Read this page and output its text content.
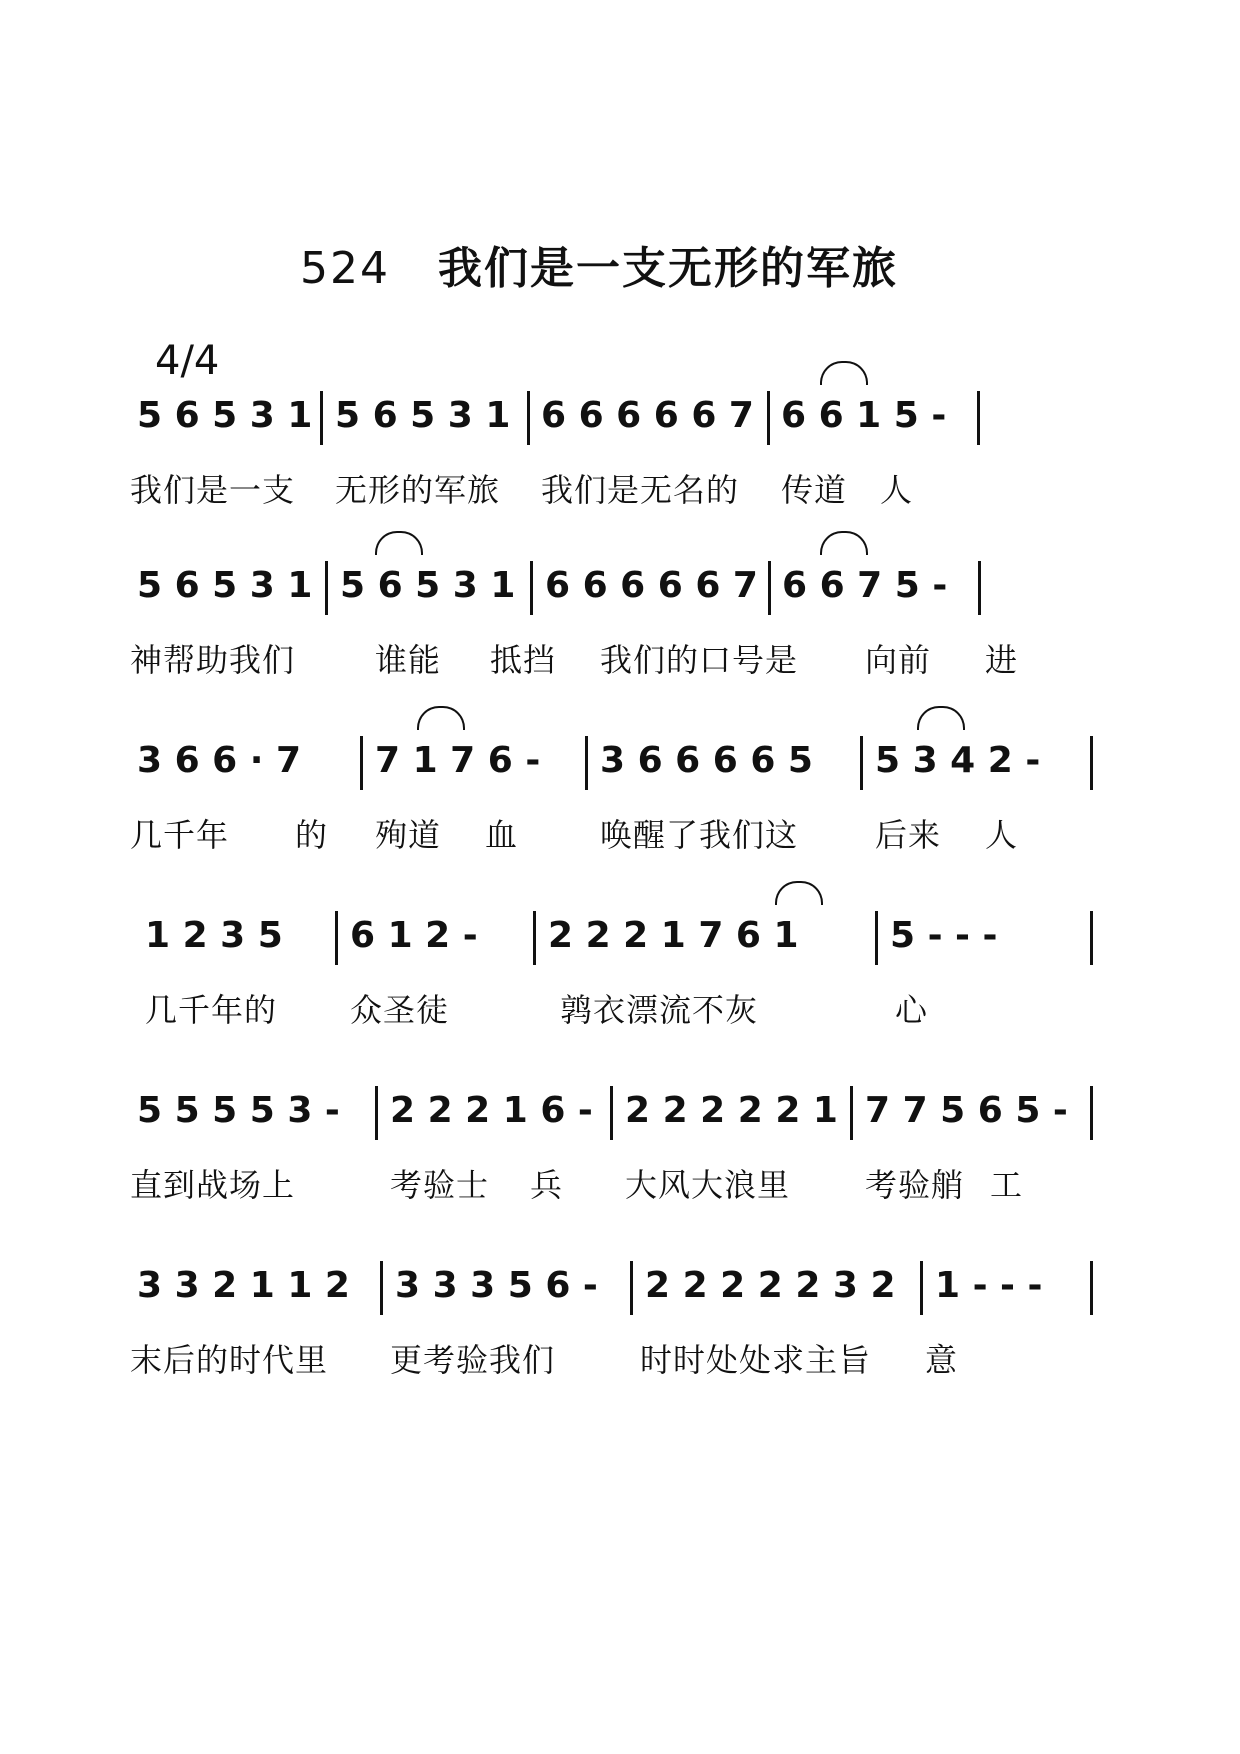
524 我们是一支无形的军旅
4/4
5 6 5 3 1 5 6 5 3 1 6 6 6 6 6 7 6 6 1 5 -
我们是一支 无形的军旅 我们是无名的 传道 人
5 6 5 3 1 5 6 5 3 1 6 6 6 6 6 7 6 6 7 5 -
神帮助我们 谁能 抵挡 我们的口号是 向前 进
3 6 6 · 7 7 1 7 6 - 3 6 6 6 6 5 5 3 4 2 -
几千年 的 殉道 血	唤醒了我们这 后来 人
1 2 3 5 6 1 2 - 2 2 2 1 7 6 1	5 - - -
几千年的 众圣徒	鹑衣漂流不灰	心
5 5 5 5 3 - 2 2 2 1 6 - 2 2 2 2 2 1 7 7 5 6 5 -
直到战场上	考验士 兵 大风大浪里 考验艄 工
3 3 2 1 1 2 3 3 3 5 6 - 2 2 2 2 2 3 2 1 - - -
末后的时代里 更考验我们	时时处处求主旨 意
